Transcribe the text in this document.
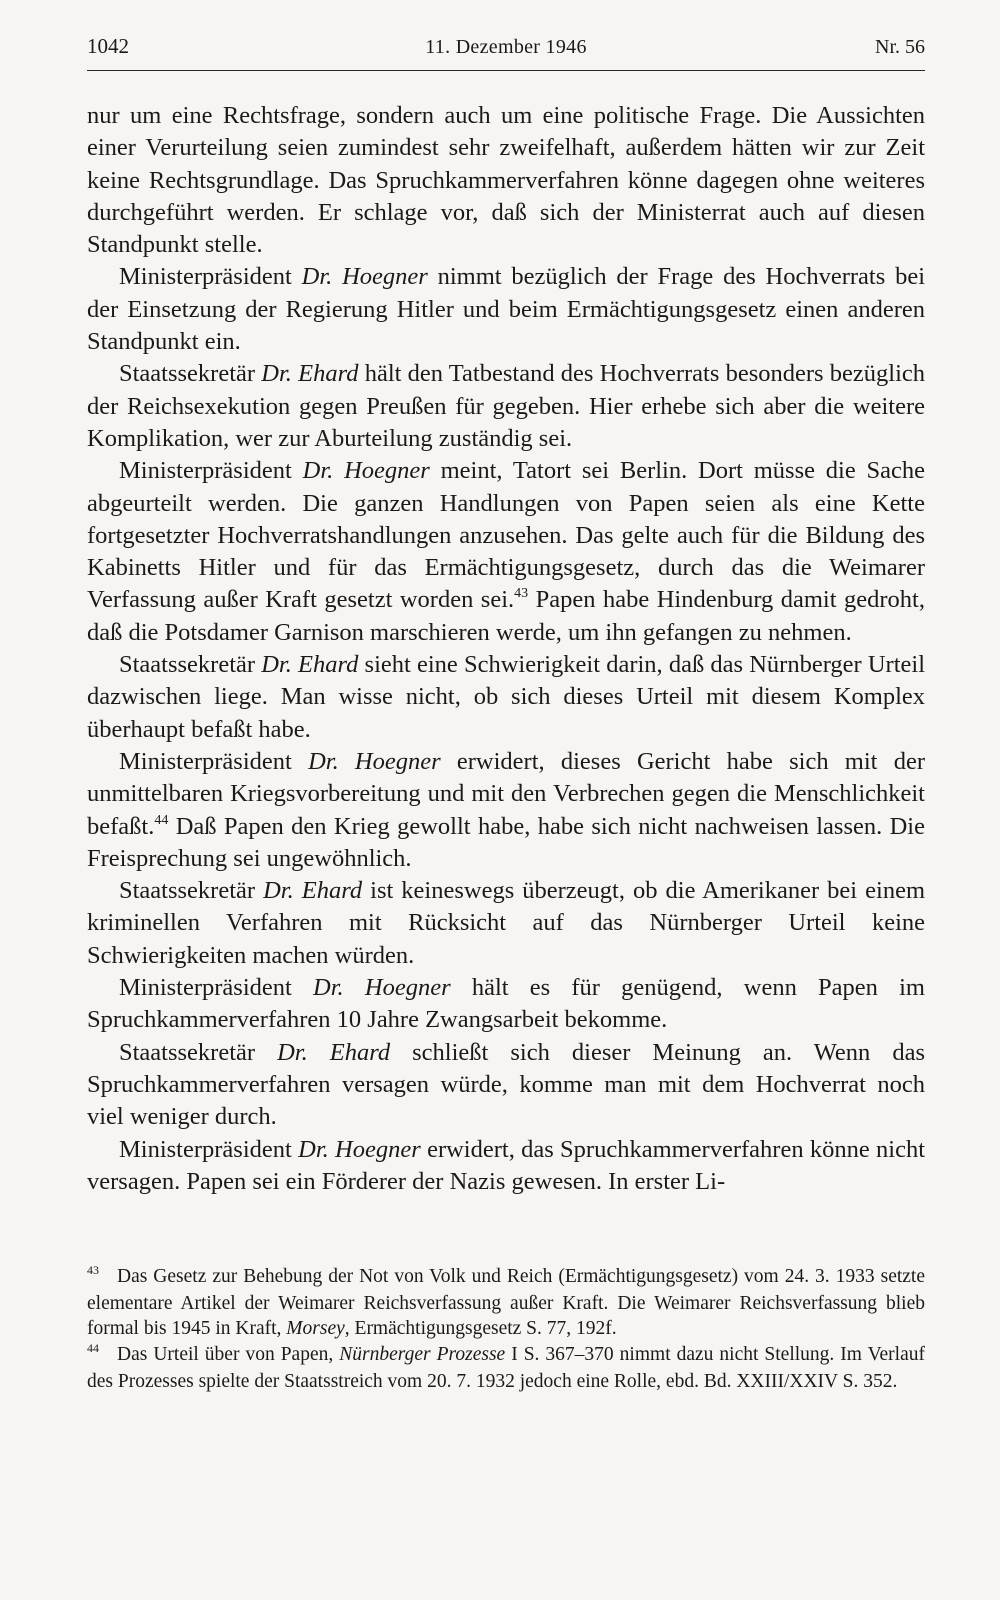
1042	11. Dezember 1946	Nr. 56

nur um eine Rechtsfrage, sondern auch um eine politische Frage. Die Aussichten einer Verurteilung seien zumindest sehr zweifelhaft, außerdem hätten wir zur Zeit keine Rechtsgrundlage. Das Spruchkammerverfahren könne dagegen ohne weiteres durchgeführt werden. Er schlage vor, daß sich der Ministerrat auch auf diesen Standpunkt stelle.

Ministerpräsident Dr. Hoegner nimmt bezüglich der Frage des Hochverrats bei der Einsetzung der Regierung Hitler und beim Ermächtigungsgesetz einen anderen Standpunkt ein.

Staatssekretär Dr. Ehard hält den Tatbestand des Hochverrats besonders bezüglich der Reichsexekution gegen Preußen für gegeben. Hier erhebe sich aber die weitere Komplikation, wer zur Aburteilung zuständig sei.

Ministerpräsident Dr. Hoegner meint, Tatort sei Berlin. Dort müsse die Sache abgeurteilt werden. Die ganzen Handlungen von Papen seien als eine Kette fortgesetzter Hochverratshandlungen anzusehen. Das gelte auch für die Bildung des Kabinetts Hitler und für das Ermächtigungsgesetz, durch das die Weimarer Verfassung außer Kraft gesetzt worden sei.$^{43}$ Papen habe Hindenburg damit gedroht, daß die Potsdamer Garnison marschieren werde, um ihn gefangen zu nehmen.

Staatssekretär Dr. Ehard sieht eine Schwierigkeit darin, daß das Nürnberger Urteil dazwischen liege. Man wisse nicht, ob sich dieses Urteil mit diesem Komplex überhaupt befaßt habe.

Ministerpräsident Dr. Hoegner erwidert, dieses Gericht habe sich mit der unmittelbaren Kriegsvorbereitung und mit den Verbrechen gegen die Menschlichkeit befaßt.$^{44}$ Daß Papen den Krieg gewollt habe, habe sich nicht nachweisen lassen. Die Freisprechung sei ungewöhnlich.

Staatssekretär Dr. Ehard ist keineswegs überzeugt, ob die Amerikaner bei einem kriminellen Verfahren mit Rücksicht auf das Nürnberger Urteil keine Schwierigkeiten machen würden.

Ministerpräsident Dr. Hoegner hält es für genügend, wenn Papen im Spruchkammerverfahren 10 Jahre Zwangsarbeit bekomme.

Staatssekretär Dr. Ehard schließt sich dieser Meinung an. Wenn das Spruchkammerverfahren versagen würde, komme man mit dem Hochverrat noch viel weniger durch.

Ministerpräsident Dr. Hoegner erwidert, das Spruchkammerverfahren könne nicht versagen. Papen sei ein Förderer der Nazis gewesen. In erster Li-

43 Das Gesetz zur Behebung der Not von Volk und Reich (Ermächtigungsgesetz) vom 24. 3. 1933 setzte elementare Artikel der Weimarer Reichsverfassung außer Kraft. Die Weimarer Reichsverfassung blieb formal bis 1945 in Kraft, Morsey, Ermächtigungsgesetz S. 77, 192f.

44 Das Urteil über von Papen, Nürnberger Prozesse I S. 367–370 nimmt dazu nicht Stellung. Im Verlauf des Prozesses spielte der Staatsstreich vom 20. 7. 1932 jedoch eine Rolle, ebd. Bd. XXIII/XXIV S. 352.
